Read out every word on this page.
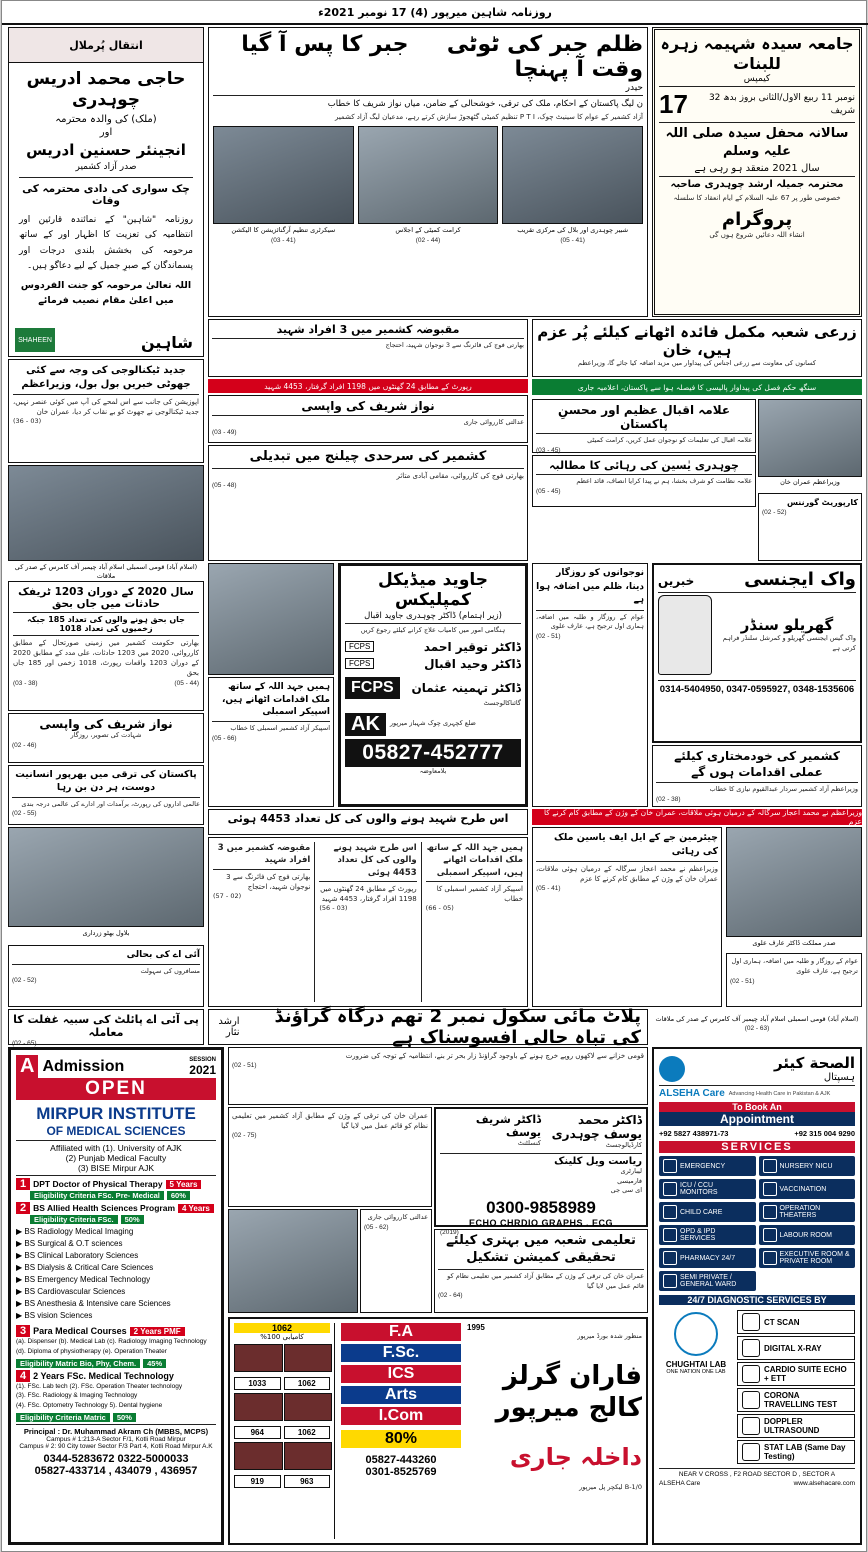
روزنامہ شاہین میرپور (4) 17 نومبر 2021ء
انتقال پُرملال
حاجی محمد ادریس چوہدری
(ملک) کی والدہ محترمہ
اور
انجینئر حسنین ادریس
صدر آزاد کشمیر
چک سواری کی دادی محترمہ کی وفات
روزنامہ "شاہین" کے نمائندہ قارئین اور انتظامیہ کی تعزیت کا اظہار اور کے ساتھ مرحومہ کی بخشش بلندی درجات اور پسماندگان کے صبرِ جمیل کے لیے دعاگو ہیں۔
اللہ تعالیٰ مرحومہ کو جنت الفردوس میں اعلیٰ مقام نصیب فرمائے
SHAHEEN	شاہین
جدید ٹیکنالوجی کی وجہ سے کئی جھوٹی خبریں بول بول، وزیراعظم
اپوزیشن کی جانب سے اس لمحے کی آپ میں کوئی عنصر نہیں، جدید ٹیکنالوجی نے جھوٹ کو بے نقاب کر دیا، عمران خان
(03 - 36)
(اسلام آباد) قومی اسمبلی اسلام آباد چیمبر آف کامرس کے صدر کی ملاقات
سال 2020 کے دوران 1203 ٹریفک حادثات میں جاں بحق
جاں بحق ہونے والوں کی تعداد 185 جبکہ زخمیوں کی تعداد 1018
بھارتی حکومت کشمیر میں زمینی صورتحال کے مطابق کارروائی، 2020 میں 1203 حادثات، علی مدد کے مطابق 2020 کے دوران 1203 واقعات رپورٹ، 1018 زخمی اور 185 جاں بحق
(03 - 38)	(05 - 44)
نواز شریف کی واپسی
شہادت کی تصویر، روزگار
(02 - 46)
پاکستان کی ترقی میں بھرپور انسانیت دوست، ہر دن بن رہا
عالمی اداروں کی رپورٹ، برآمدات اور ادارے کی عالمی درجہ بندی
(02 - 55)
بلاول بھٹو زرداری
آئی اے کی بحالی
مسافروں کی سہولت
(02 - 52)
پی آئی اے پائلٹ کی سبیہ غفلت کا معاملہ
(02 - 65)
جبر کا پس آ گیا	ظلم جبر کی ٹوٹی وقت آ پہنچا
حیدر
ن لیگ پاکستان کے احکام، ملک کی ترقی، خوشحالی کے ضامن، میاں نواز شریف کا خطاب
آزاد کشمیر کے عوام کا سینیٹ چوک، P T I تنظیم کمیٹی گٹھجوڑ سازش کرتے رہے، مدعیان لیگ آزاد کشمیر
سیکرٹری تنظیم آرگنائزیشن کا الیکشن	کرامت کمیٹی کے اجلاس	شبیر چوہدری اور بلال کی مرکزی تقریب
(03 - 41)	(02 - 44)	(05 - 41)
جامعہ سیدہ شہیمہ زہرہ للبنات
کیمپس
17	نومبر 11 ربیع الاول/الثانی بروز بدھ 32 شریف
سالانہ محفل سیدہ صلی اللہ علیہ وسلم
سال 2021 منعقد ہو رہی ہے
محترمہ جمیلہ ارشد چوہدری صاحبہ
خصوصی طور پر 67 علیہ السلام کے ایام انعقاد کا سلسلہ
پروگرام
انشاء اللہ دعائیں شروع ہوں گی
زرعی شعبہ مکمل فائدہ اٹھانے کیلئے پُر عزم ہیں، خان
کسانوں کی معاونت سے زرعی اجناس کی پیداوار میں مزید اضافہ کیا جائے گا، وزیراعظم
سنگھ حکم فصل کی پیداوار پالیسی کا فیصلہ ہوا سے پاکستان، اعلامیہ جاری
وزیراعظم عمران خان
علامہ اقبال عظیم اور محسنِ پاکستان
علامہ اقبال کی تعلیمات کو نوجوان عمل کریں، کرامت کمیٹی
(03 - 45)
چوہدری یٰسین کی رہائی کا مطالبہ
علامہ نظامت کو شرف بخشا، ہم نے پیدا کرایا انصاف، قائد اعظم
(05 - 45)
کارپوریٹ گورننس
(02 - 52)
مقبوضہ کشمیر میں 3 افراد شہید
بھارتی فوج کی فائرنگ سے 3 نوجوان شہید، احتجاج
رپورٹ کے مطابق 24 گھنٹوں میں 1198 افراد گرفتار، 4453 شہید
نواز شریف کی واپسی
عدالتی کارروائی جاری
(03 - 49)
کشمیر کی سرحدی چیلنج میں تبدیلی
بھارتی فوج کی کارروائی، مقامی آبادی متاثر
(05 - 48)
جاوید میڈیکل کمپلیکس
(زیر اہتمام) ڈاکٹر چوہدری جاوید اقبال
ہنگامی امور میں کامیاب علاج کرانے کیلئے رجوع کریں
FCPS	ڈاکٹر توقیر احمد
FCPS	ڈاکٹر وحید اقبال
FCPS	ڈاکٹر تہمینہ عثمان
گائناکالوجسٹ
AK	ضلع کچہری چوک شہباز میرپور
05827-452777
بلامعاوضہ
ہمیں جہد اللہ کے ساتھ ملک اقدامات اٹھانے ہیں، اسپیکر اسمبلی
اسپیکر آزاد کشمیر اسمبلی کا خطاب
(05 - 66)
نوجوانوں کو روزگار دینا، ظلم میں اضافہ ہوا ہے
عوام کے روزگار و طلبہ میں اضافہ، ہماری اول ترجیح ہے، عارف علوی
(02 - 51)
خبریں	واک ایجنسی
گھریلو سنڈر
واک گیس ایجنسی گھریلو و کمرشل سلنڈر فراہم کرتی ہے
0314-5404950, 0347-0595927, 0348-1535606
کشمیر کی خودمختاری کیلئے عملی اقدامات ہوں گے
وزیراعظم آزاد کشمیر سردار عبدالقیوم نیازی کا خطاب
(02 - 38)
وزیراعظم نے محمد اعجاز سرگالہ کے درمیان ہوئی ملاقات، عمران خان کے وژن کے مطابق کام کرنے کا عزم
اس طرح شہید ہونے والوں کی کل تعداد 4453 ہوئی
مقبوضہ کشمیر میں 3 افراد شہید
بھارتی فوج کی فائرنگ سے 3 نوجوان شہید، احتجاج
(02 - 57)
اس طرح شہید ہونے والوں کی کل تعداد 4453 ہوئی
رپورٹ کے مطابق 24 گھنٹوں میں 1198 افراد گرفتار، 4453 شہید
(03 - 56)
ہمیں جہد اللہ کے ساتھ ملک اقدامات اٹھانے ہیں، اسپیکر اسمبلی
اسپیکر آزاد کشمیر اسمبلی کا خطاب
(05 - 66)
چیئرمین جے کے ایل ایف یاسین ملک کی رہائی
وزیراعظم نے محمد اعجاز سرگالہ کے درمیان ہوئی ملاقات، عمران خان کے وژن کے مطابق کام کرنے کا عزم
(05 - 41)
صدر مملکت ڈاکٹر عارف علوی
عوام کے روزگار و طلبہ میں اضافہ، ہماری اول ترجیح ہے، عارف علوی
(02 - 51)
(اسلام آباد) قومی اسمبلی اسلام آباد چیمبر آف کامرس کے صدر کی ملاقات
(02 - 63)
ارشد نثار
پلاٹ مائی سکول نمبر 2 تھم درگاہ گراؤنڈ کی تباہ حالی افسوسناک ہے
A Admission	SESSION
2021
OPEN
MIRPUR INSTITUTE
OF MEDICAL SCIENCES
Affiliated with (1). University of AJK
(2) Punjab Medical Faculty
(3) BISE Mirpur AJK
1 DPT Doctor of Physical Therapy 5 Years
Eligibility Criteria FSc. Pre- Medical	60%
2 BS Allied Health Sciences Program 4 Years
Eligibility Criteria FSc.	50%
▶ BS Radiology Medical Imaging
▶ BS Surgical & O.T sciences
▶ BS Clinical Laboratory Sciences
▶ BS Dialysis & Critical Care Sciences
▶ BS Emergency Medical Technology
▶ BS Cardiovascular Sciences
▶ BS Anesthesia & Intensive care Sciences
▶ BS vision Sciences
3 Para Medical Courses 2 Years PMF
(a). Dispenser (b). Medical Lab (c). Radiology Imaging Technology
(d). Diploma of physiotherapy (e). Operation Theater
Eligibility Matric Bio, Phy, Chem.	45%
4 2 Years FSc. Medical Technology
(1). FSc. Lab tech (2). FSc. Operation Theater technology
(3). FSc. Radiology & Imaging Technology
(4). FSc. Optometry Technology 5). Dental hygiene
Eligibility Criteria Matric	50%
Principal : Dr. Muhammad Akram Ch (MBBS, MCPS)
Campus # 1:213-A Sector F/1, Kotli Road Mirpur
Campus # 2: 90 City tower Sector F/3 Part 4, Kotli Road Mirpur A.K
0344-5283672 0322-5000033
05827-433714 , 434079 , 436957
قومی خزانے سے لاکھوں روپے خرچ ہونے کے باوجود گراؤنڈ زار بحر تر بنے، انتظامیہ کے توجہ کی ضرورت
(02 - 51)
عمران خان کی ترقی کے وژن کے مطابق آزاد کشمیر میں تعلیمی نظام کو قائم عمل میں لایا گیا
(02 - 75)
عدالتی کارروائی جاری
(05 - 62)
ڈاکٹر شریف یوسف
کنسلٹنٹ
ڈاکٹر محمد یوسف چوہدری
کارڈیالوجسٹ
ریاست ویل کلینک
لیبارٹری
فارمیسی
ای سی جی
0300-9858989
ECHO CHRDIO GRAPHS . ECG
(2019)
تعلیمی شعبہ میں بہتری کیلئے تحقیقی کمیشن تشکیل
عمران خان کی ترقی کے وژن کے مطابق آزاد کشمیر میں تعلیمی نظام کو قائم عمل میں لایا گیا
(02 - 64)
1062
کامیابی 100%
1033	1062
964	1062
919	963
F.A
F.Sc.
ICS
Arts
I.Com
80%
05827-443260
0301-8525769
1995
منظور شدہ بورڈ میرپور
فاران گرلز کالج میرپور
داخلہ جاری
B-1/0 لیکچر پل میرپور
الصحة کیئر
ہسپتال
ALSEHA Care Advancing Health Care in Pakistan & AJK
To Book An
Appointment
+92 5827 438971-73	+92 315 004 9290
SERVICES
EMERGENCY	NURSERY NICU
ICU / CCU MONITORS	VACCINATION
CHILD CARE	OPERATION THEATERS
OPD & IPD SERVICES	LABOUR ROOM
PHARMACY 24/7	EXECUTIVE ROOM & PRIVATE ROOM
SEMI PRIVATE / GENERAL WARD
24/7 DIAGNOSTIC SERVICES BY
CHUGHTAI LAB
ONE NATION ONE LAB
CT SCAN
DIGITAL X-RAY
CARDIO SUITE ECHO + ETT
CORONA TRAVELLING TEST
DOPPLER ULTRASOUND
STAT LAB (Same Day Testing)
NEAR V CROSS , F2 ROAD SECTOR D , SECTOR A
ALSEHA Care	www.alsehacare.com
